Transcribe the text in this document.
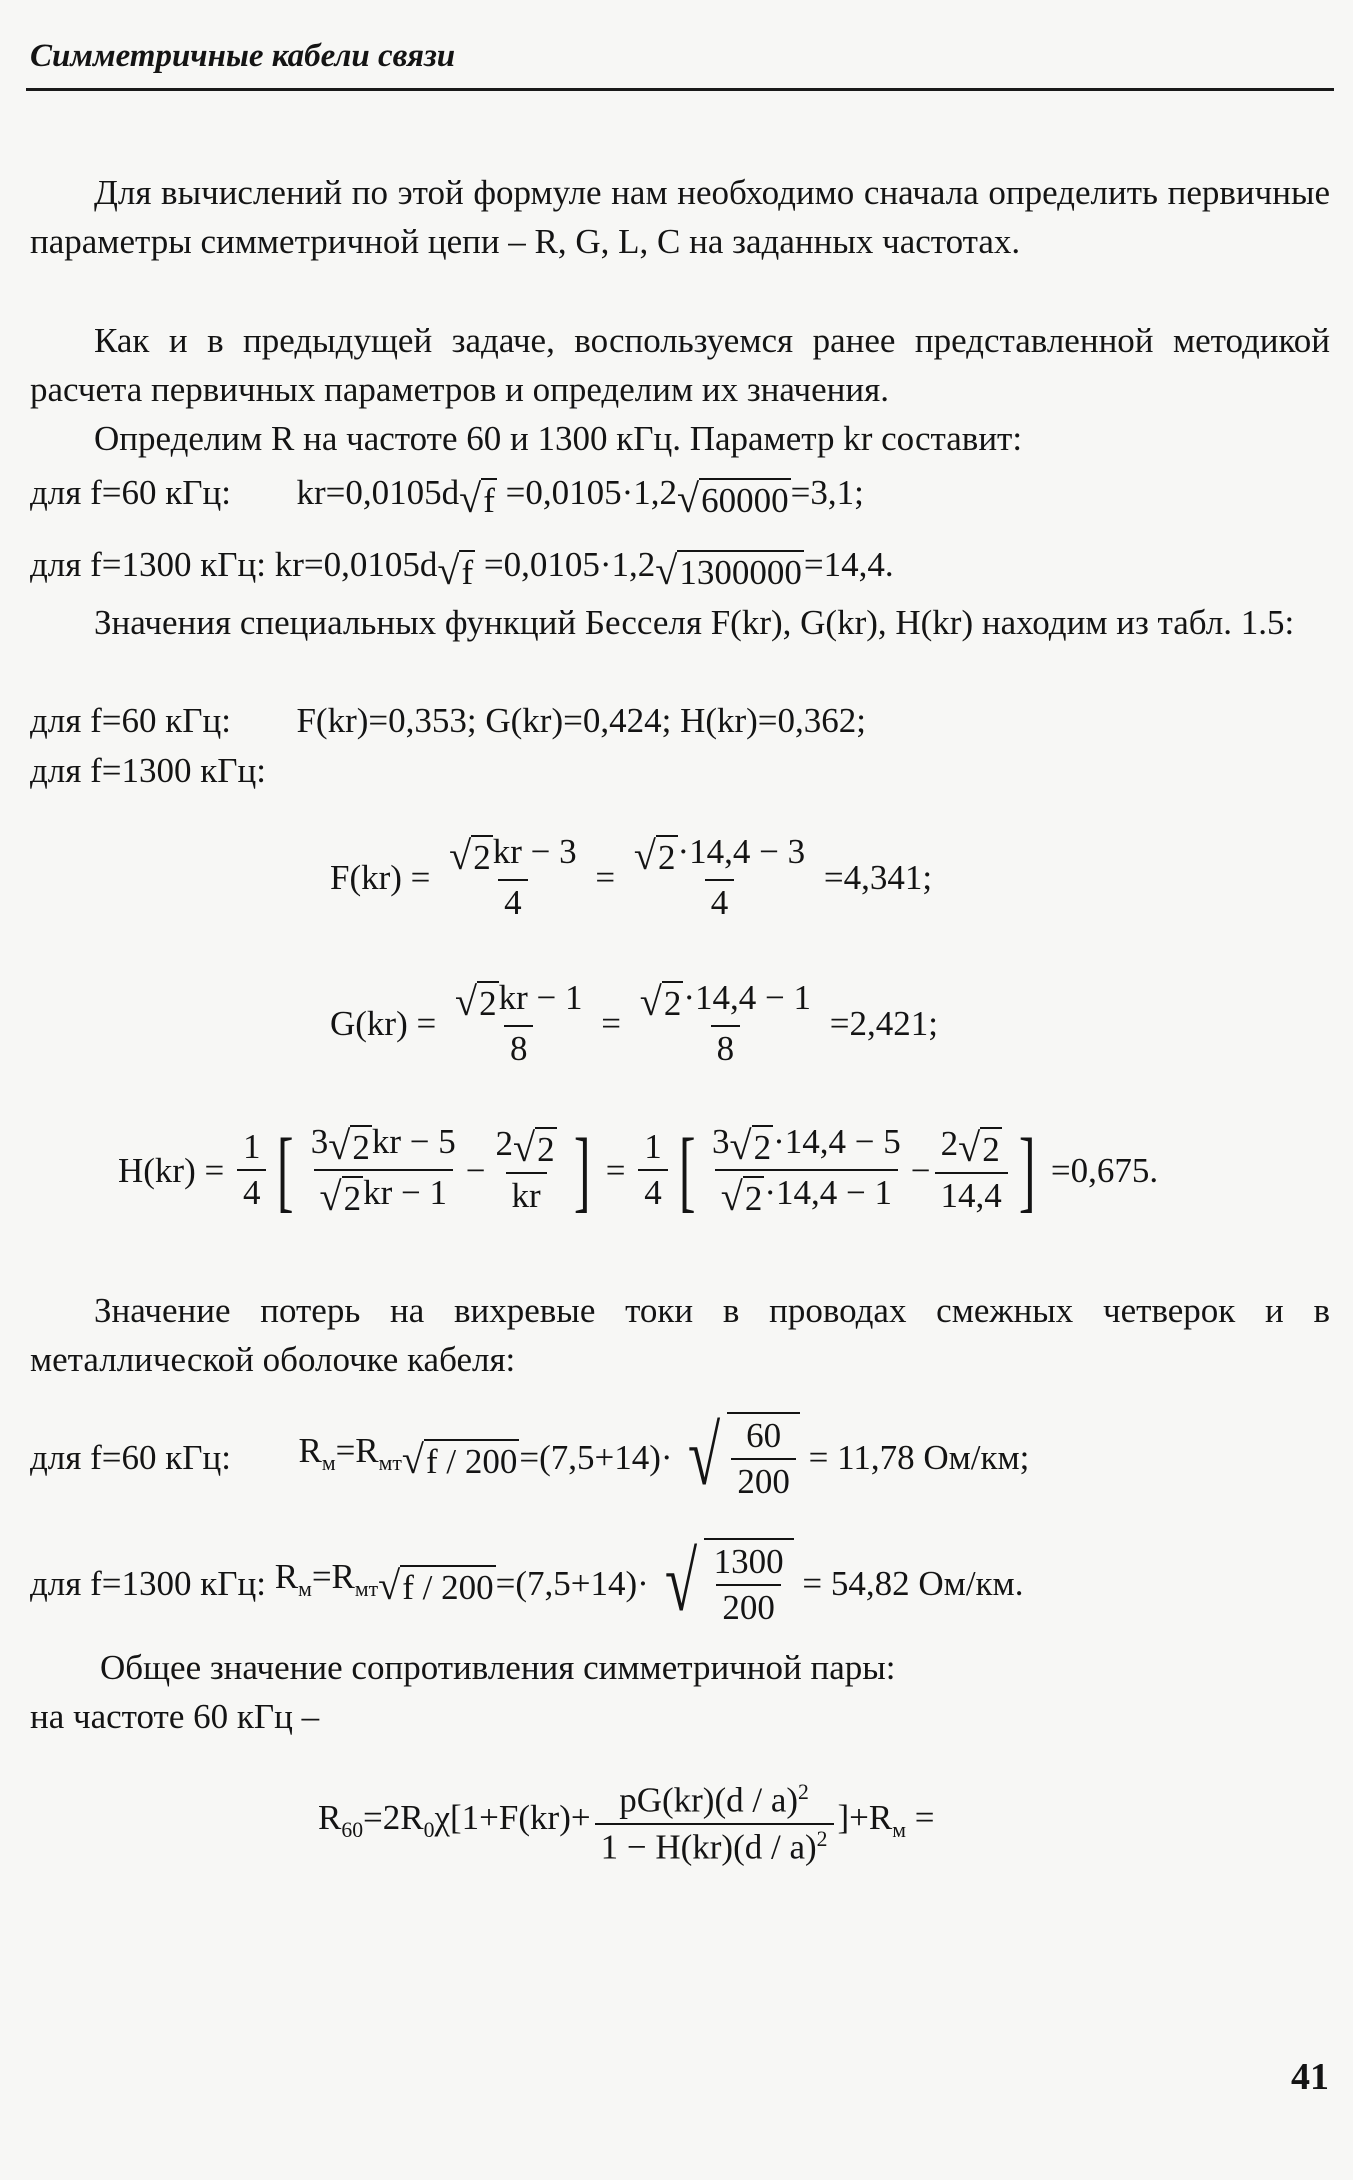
Симметричные кабели связи
Для вычислений по этой формуле нам необходимо сначала определить первичные параметры симметричной цепи – R, G, L, C на заданных частотах.
Как и в предыдущей задаче, воспользуемся ранее представленной методикой расчета первичных параметров и определим их значения.
Определим R на частоте 60 и 1300 кГц. Параметр kr составит:
для f=60 кГц: kr=0,0105d√f =0,0105·1,2√60000=3,1;
для f=1300 кГц: kr=0,0105d√f =0,0105·1,2√1300000=14,4.
Значения специальных функций Бесселя F(kr), G(kr), H(kr) находим из табл. 1.5:
для f=60 кГц: F(kr)=0,353; G(kr)=0,424; H(kr)=0,362;
для f=1300 кГц:
$F(kr) = \frac{√2kr - 3}{4} = \frac{√2\cdot 14,4 - 3}{4} =4,341$;
$G(kr) = \frac{√2kr - 1}{8} = \frac{√2\cdot 14,4 - 1}{8} =2,421$;
$H(kr) = \frac{1}{4}$ [ $\frac{3√2kr - 5}{√2kr - 1} - \frac{2√2}{kr}$ ] = $\frac{1}{4}$ [ $\frac{3√2\cdot 14,4 - 5}{√2\cdot 14,4 - 1} - \frac{2√2}{14,4}$ ] =0,675.
Значение потерь на вихревые токи в проводах смежных четверок и в металлической оболочке кабеля:
для f=60 кГц: $R_м=R_{мт}√f / 200=(7,5+14)\cdot$ √ $\frac{60}{200} = 11,78$ Ом/км;
для f=1300 кГц: $R_м=R_{мт}√f / 200=(7,5+14)\cdot$ √ $\frac{1300}{200} = 54,82$ Ом/км.
Общее значение сопротивления симметричной пары:
на частоте 60 кГц –
$R_{60}=2R_0\chi[1+F(kr)+ \frac{pG(kr)(d / a)^2}{1 - H(kr)(d / a)^2} ]+R_м$ =
41
